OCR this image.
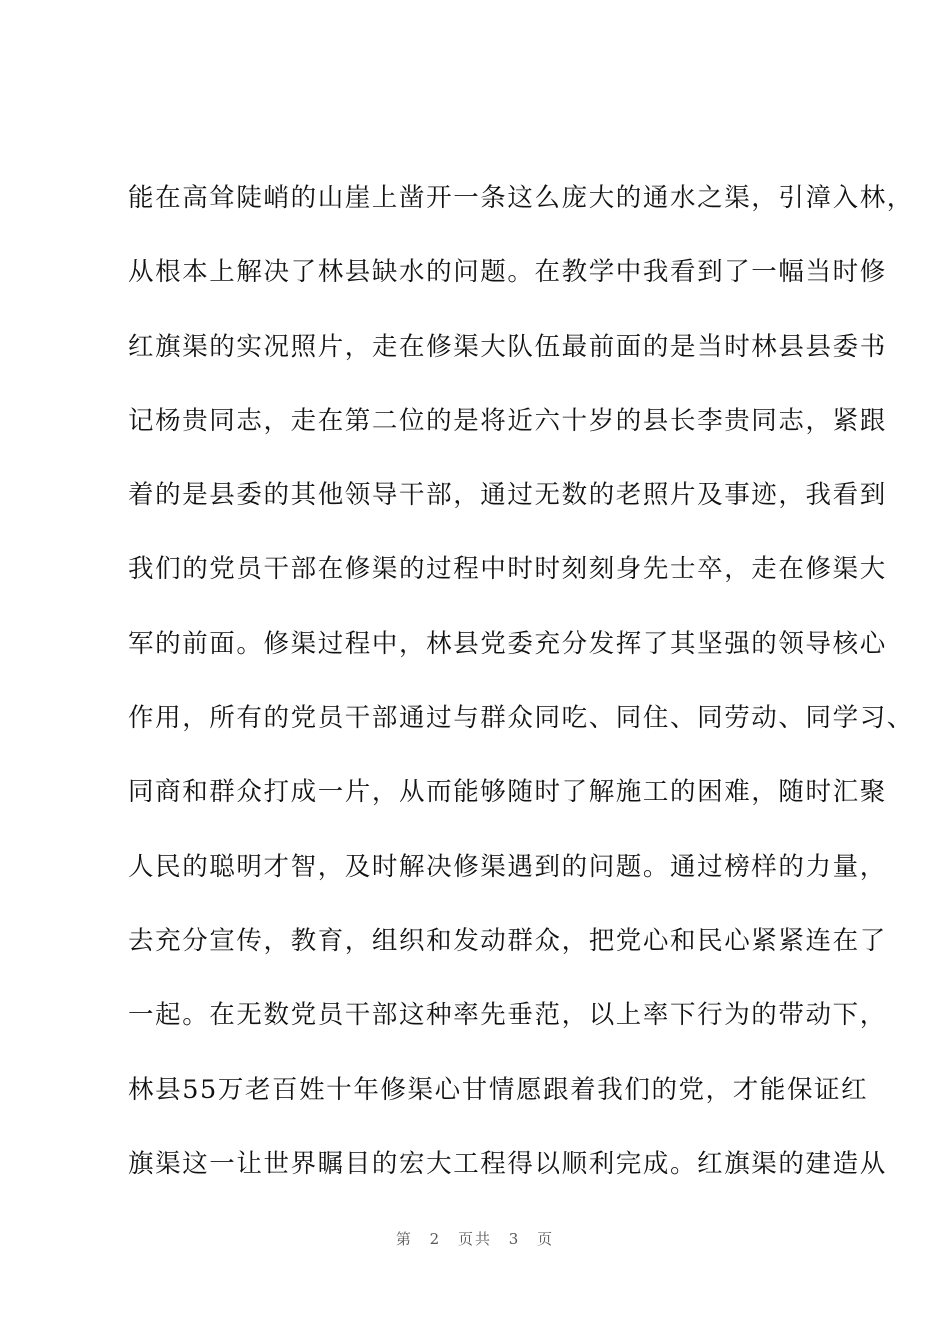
能在高耸陡峭的山崖上凿开一条这么庞大的通水之渠，引漳入林，
从根本上解决了林县缺水的问题。在教学中我看到了一幅当时修
红旗渠的实况照片，走在修渠大队伍最前面的是当时林县县委书
记杨贵同志，走在第二位的是将近六十岁的县长李贵同志，紧跟
着的是县委的其他领导干部，通过无数的老照片及事迹，我看到
我们的党员干部在修渠的过程中时时刻刻身先士卒，走在修渠大
军的前面。修渠过程中，林县党委充分发挥了其坚强的领导核心
作用，所有的党员干部通过与群众同吃、同住、同劳动、同学习、
同商和群众打成一片，从而能够随时了解施工的困难，随时汇聚
人民的聪明才智，及时解决修渠遇到的问题。通过榜样的力量，
去充分宣传，教育，组织和发动群众，把党心和民心紧紧连在了
一起。在无数党员干部这种率先垂范，以上率下行为的带动下，
林县55万老百姓十年修渠心甘情愿跟着我们的党，才能保证红
旗渠这一让世界瞩目的宏大工程得以顺利完成。红旗渠的建造从
第 2 页共 3 页
